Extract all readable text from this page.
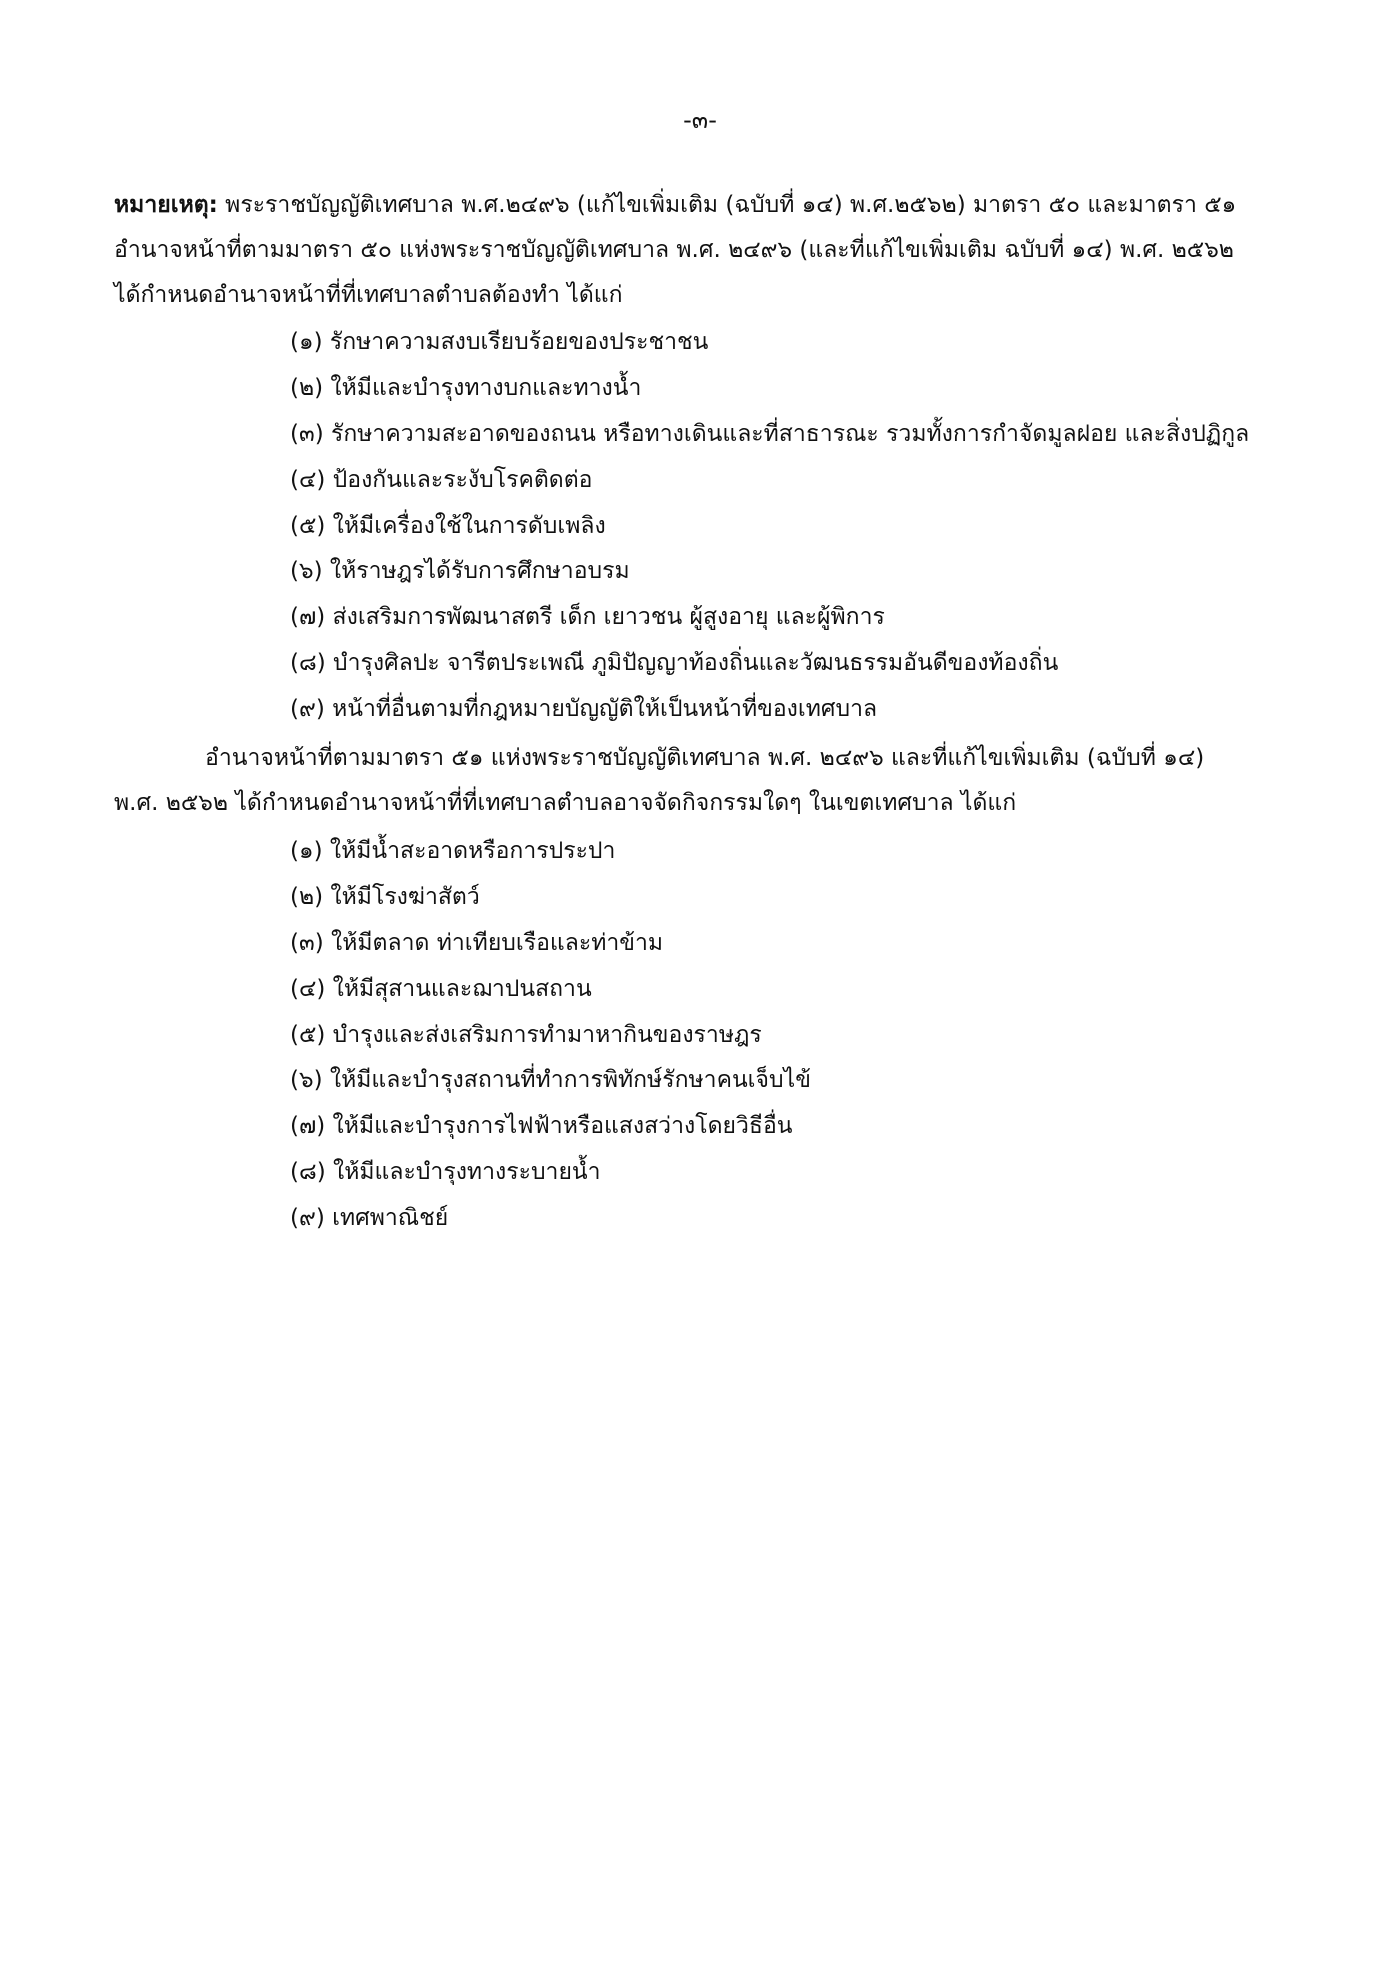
-๓-
หมายเหตุ: พระราชบัญญัติเทศบาล พ.ศ.๒๔๙๖ (แก้ไขเพิ่มเติม (ฉบับที่ ๑๔) พ.ศ.๒๕๖๒) มาตรา ๕๐ และมาตรา ๕๑
อำนาจหน้าที่ตามมาตรา ๕๐ แห่งพระราชบัญญัติเทศบาล พ.ศ. ๒๔๙๖ (และที่แก้ไขเพิ่มเติม ฉบับที่ ๑๔) พ.ศ. ๒๕๖๒
ได้กำหนดอำนาจหน้าที่ที่เทศบาลตำบลต้องทำ ได้แก่
(๑) รักษาความสงบเรียบร้อยของประชาชน
(๒) ให้มีและบำรุงทางบกและทางน้ำ
(๓) รักษาความสะอาดของถนน หรือทางเดินและที่สาธารณะ รวมทั้งการกำจัดมูลฝอย และสิ่งปฏิกูล
(๔) ป้องกันและระงับโรคติดต่อ
(๕) ให้มีเครื่องใช้ในการดับเพลิง
(๖) ให้ราษฎรได้รับการศึกษาอบรม
(๗) ส่งเสริมการพัฒนาสตรี เด็ก เยาวชน ผู้สูงอายุ และผู้พิการ
(๘) บำรุงศิลปะ จารีตประเพณี ภูมิปัญญาท้องถิ่นและวัฒนธรรมอันดีของท้องถิ่น
(๙) หน้าที่อื่นตามที่กฎหมายบัญญัติให้เป็นหน้าที่ของเทศบาล
อำนาจหน้าที่ตามมาตรา ๕๑ แห่งพระราชบัญญัติเทศบาล พ.ศ. ๒๔๙๖ และที่แก้ไขเพิ่มเติม (ฉบับที่ ๑๔)
พ.ศ. ๒๕๖๒ ได้กำหนดอำนาจหน้าที่ที่เทศบาลตำบลอาจจัดกิจกรรมใดๆ ในเขตเทศบาล ได้แก่
(๑) ให้มีน้ำสะอาดหรือการประปา
(๒) ให้มีโรงฆ่าสัตว์
(๓) ให้มีตลาด ท่าเทียบเรือและท่าข้าม
(๔) ให้มีสุสานและฌาปนสถาน
(๕) บำรุงและส่งเสริมการทำมาหากินของราษฎร
(๖) ให้มีและบำรุงสถานที่ทำการพิทักษ์รักษาคนเจ็บไข้
(๗) ให้มีและบำรุงการไฟฟ้าหรือแสงสว่างโดยวิธีอื่น
(๘) ให้มีและบำรุงทางระบายน้ำ
(๙) เทศพาณิชย์
